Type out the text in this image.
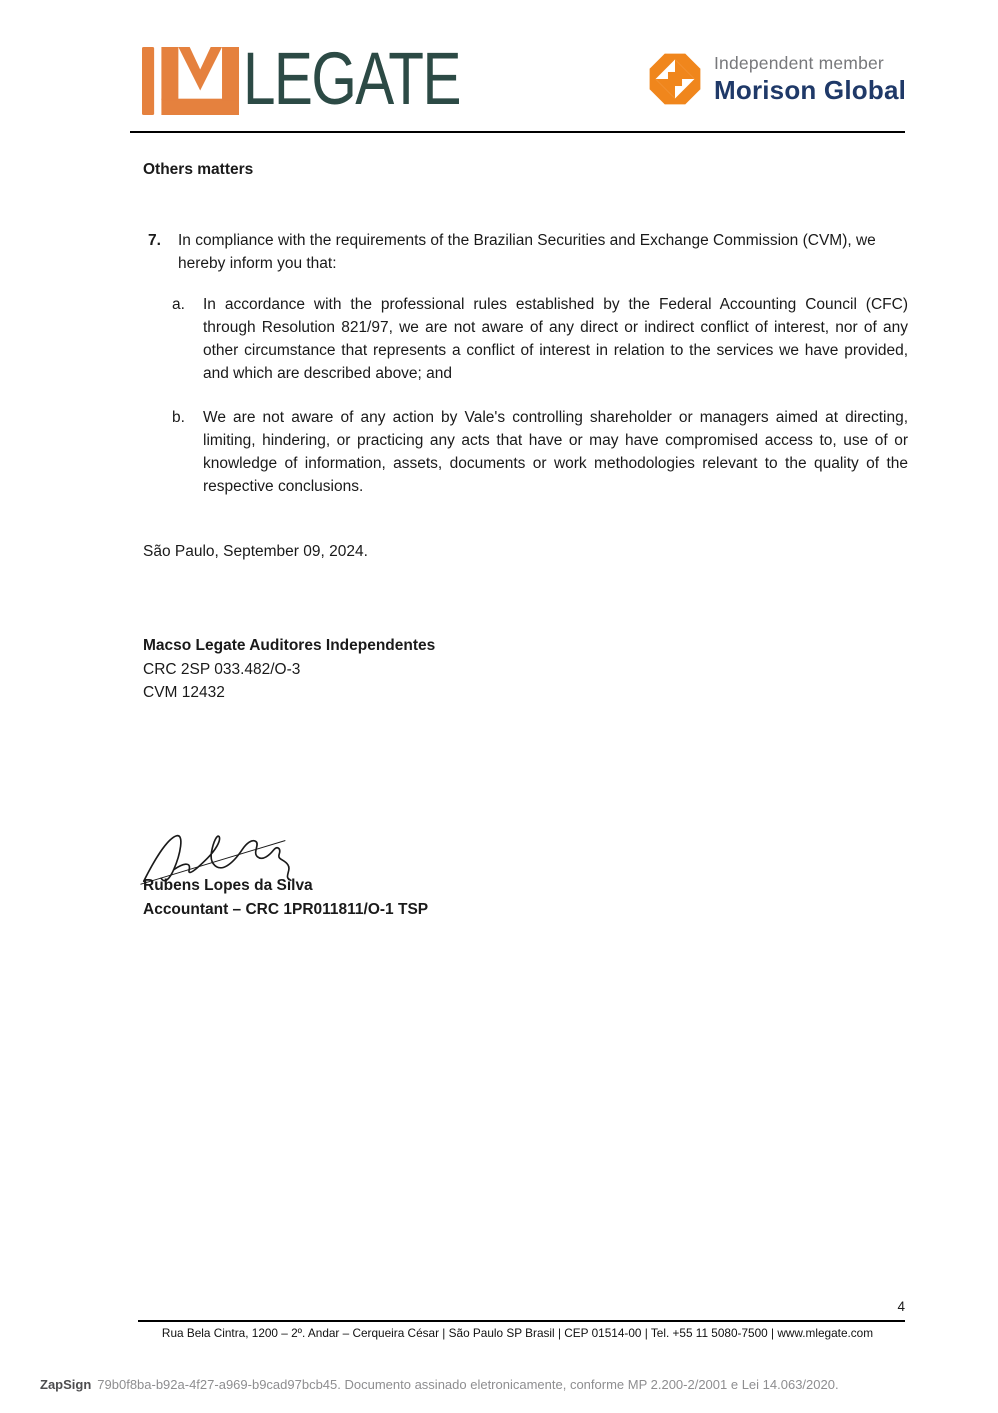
LEGATE	Independent member
Morison Global
Others matters
7.	In compliance with the requirements of the Brazilian Securities and Exchange Commission (CVM), we hereby inform you that:
a.	In accordance with the professional rules established by the Federal Accounting Council (CFC) through Resolution 821/97, we are not aware of any direct or indirect conflict of interest, nor of any other circumstance that represents a conflict of interest in relation to the services we have provided, and which are described above; and
b.	We are not aware of any action by Vale's controlling shareholder or managers aimed at directing, limiting, hindering, or practicing any acts that have or may have compromised access to, use of or knowledge of information, assets, documents or work methodologies relevant to the quality of the respective conclusions.
São Paulo, September 09, 2024.
Macso Legate Auditores Independentes
CRC 2SP 033.482/O-3
CVM 12432
Rubens Lopes da Silva
Accountant – CRC 1PR011811/O-1 TSP
4
Rua Bela Cintra, 1200 – 2º. Andar – Cerqueira César | São Paulo SP Brasil | CEP 01514-00 | Tel. +55 11 5080-7500 | www.mlegate.com
ZapSign 79b0f8ba-b92a-4f27-a969-b9cad97bcb45. Documento assinado eletronicamente, conforme MP 2.200-2/2001 e Lei 14.063/2020.
